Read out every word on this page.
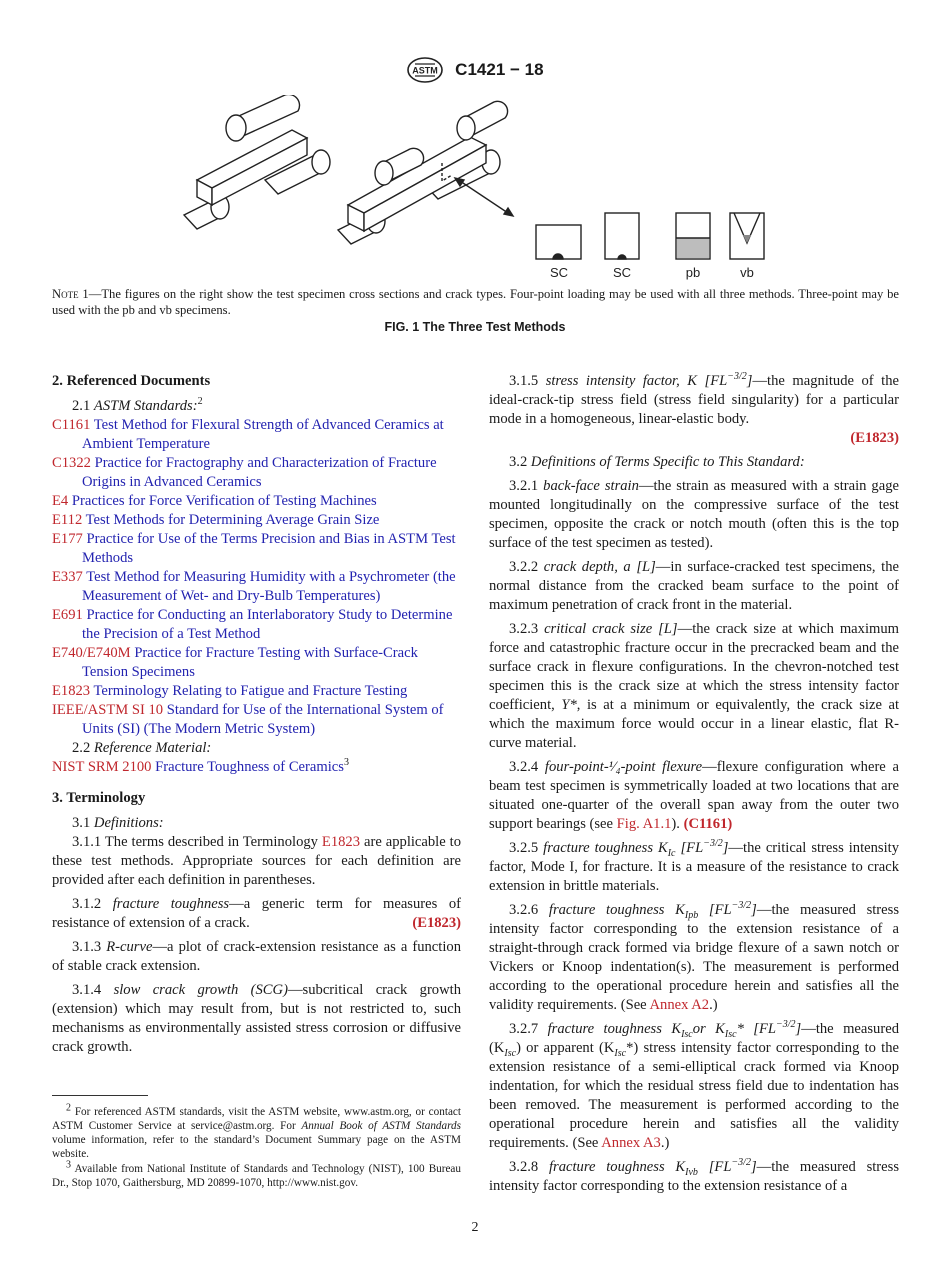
ASTM C1421 − 18
SC	SC	pb	vb
Note 1—The figures on the right show the test specimen cross sections and crack types. Four-point loading may be used with all three methods. Three-point may be used with the pb and vb specimens.
FIG. 1 The Three Test Methods
2. Referenced Documents
2.1 ASTM Standards:$^2$
C1161 Test Method for Flexural Strength of Advanced Ceramics at Ambient Temperature
C1322 Practice for Fractography and Characterization of Fracture Origins in Advanced Ceramics
E4 Practices for Force Verification of Testing Machines
E112 Test Methods for Determining Average Grain Size
E177 Practice for Use of the Terms Precision and Bias in ASTM Test Methods
E337 Test Method for Measuring Humidity with a Psychrometer (the Measurement of Wet- and Dry-Bulb Temperatures)
E691 Practice for Conducting an Interlaboratory Study to Determine the Precision of a Test Method
E740/E740M Practice for Fracture Testing with Surface-Crack Tension Specimens
E1823 Terminology Relating to Fatigue and Fracture Testing
IEEE/ASTM SI 10 Standard for Use of the International System of Units (SI) (The Modern Metric System)
2.2 Reference Material:
NIST SRM 2100 Fracture Toughness of Ceramics$^3$
3. Terminology
3.1 Definitions:

3.1.1 The terms described in Terminology E1823 are applicable to these test methods. Appropriate sources for each definition are provided after each definition in parentheses.

3.1.2 fracture toughness—a generic term for measures of resistance of extension of a crack.	(E1823)

3.1.3 R-curve—a plot of crack-extension resistance as a function of stable crack extension.

3.1.4 slow crack growth (SCG)—subcritical crack growth (extension) which may result from, but is not restricted to, such mechanisms as environmentally assisted stress corrosion or diffusive crack growth.

$^2$ For referenced ASTM standards, visit the ASTM website, www.astm.org, or contact ASTM Customer Service at service@astm.org. For Annual Book of ASTM Standards volume information, refer to the standard’s Document Summary page on the ASTM website.
$^3$ Available from National Institute of Standards and Technology (NIST), 100 Bureau Dr., Stop 1070, Gaithersburg, MD 20899-1070, http://www.nist.gov.

3.1.5 stress intensity factor, K $[FL^{-3/2}]—the$ magnitude of the ideal-crack-tip stress field (stress field singularity) for a particular mode in a homogeneous, linear-elastic body.
(E1823)

3.2 Definitions of Terms Specific to This Standard:

3.2.1 back-face strain—the strain as measured with a strain gage mounted longitudinally on the compressive surface of the test specimen, opposite the crack or notch mouth (often this is the top surface of the test specimen as tested).

3.2.2 crack depth, a [L]—in surface-cracked test specimens, the normal distance from the cracked beam surface to the point of maximum penetration of crack front in the material.

3.2.3 critical crack size [L]—the crack size at which maximum force and catastrophic fracture occur in the precracked beam and the surface crack in flexure configurations. In the chevron-notched test specimen this is the crack size at which the stress intensity factor coefficient, Y*, is at a minimum or equivalently, the crack size at which the maximum force would occur in a linear elastic, flat R-curve material.

3.2.4 four-point-¹⁄₄-point flexure—flexure configuration where a beam test specimen is symmetrically loaded at two locations that are situated one-quarter of the overall span away from the outer two support bearings (see Fig. A1.1). (C1161)

3.2.5 fracture toughness $K_{Ic}$ $[FL^{-3/2}]—the$ critical stress intensity factor, Mode I, for fracture. It is a measure of the resistance to crack extension in brittle materials.

3.2.6 fracture toughness $K_{Ipb}$ $[FL^{-3/2}]—the$ measured stress intensity factor corresponding to the extension resistance of a straight-through crack formed via bridge flexure of a sawn notch or Vickers or Knoop indentation(s). The measurement is performed according to the operational procedure herein and satisfies all the validity requirements. (See Annex A2.)

3.2.7 fracture toughness $K_{Isc}or$ $K_{Isc}*$ $[FL^{-3/2}]—the$ measured $(K_{Isc})$ or apparent $(K_{Isc}*)$ stress intensity factor corresponding to the extension resistance of a semi-elliptical crack formed via Knoop indentation, for which the residual stress field due to indentation has been removed. The measurement is performed according to the operational procedure herein and satisfies all the validity requirements. (See Annex A3.)

3.2.8 fracture toughness $K_{Ivb}$ $[FL^{-3/2}]—the$ measured stress intensity factor corresponding to the extension resistance of a

2
